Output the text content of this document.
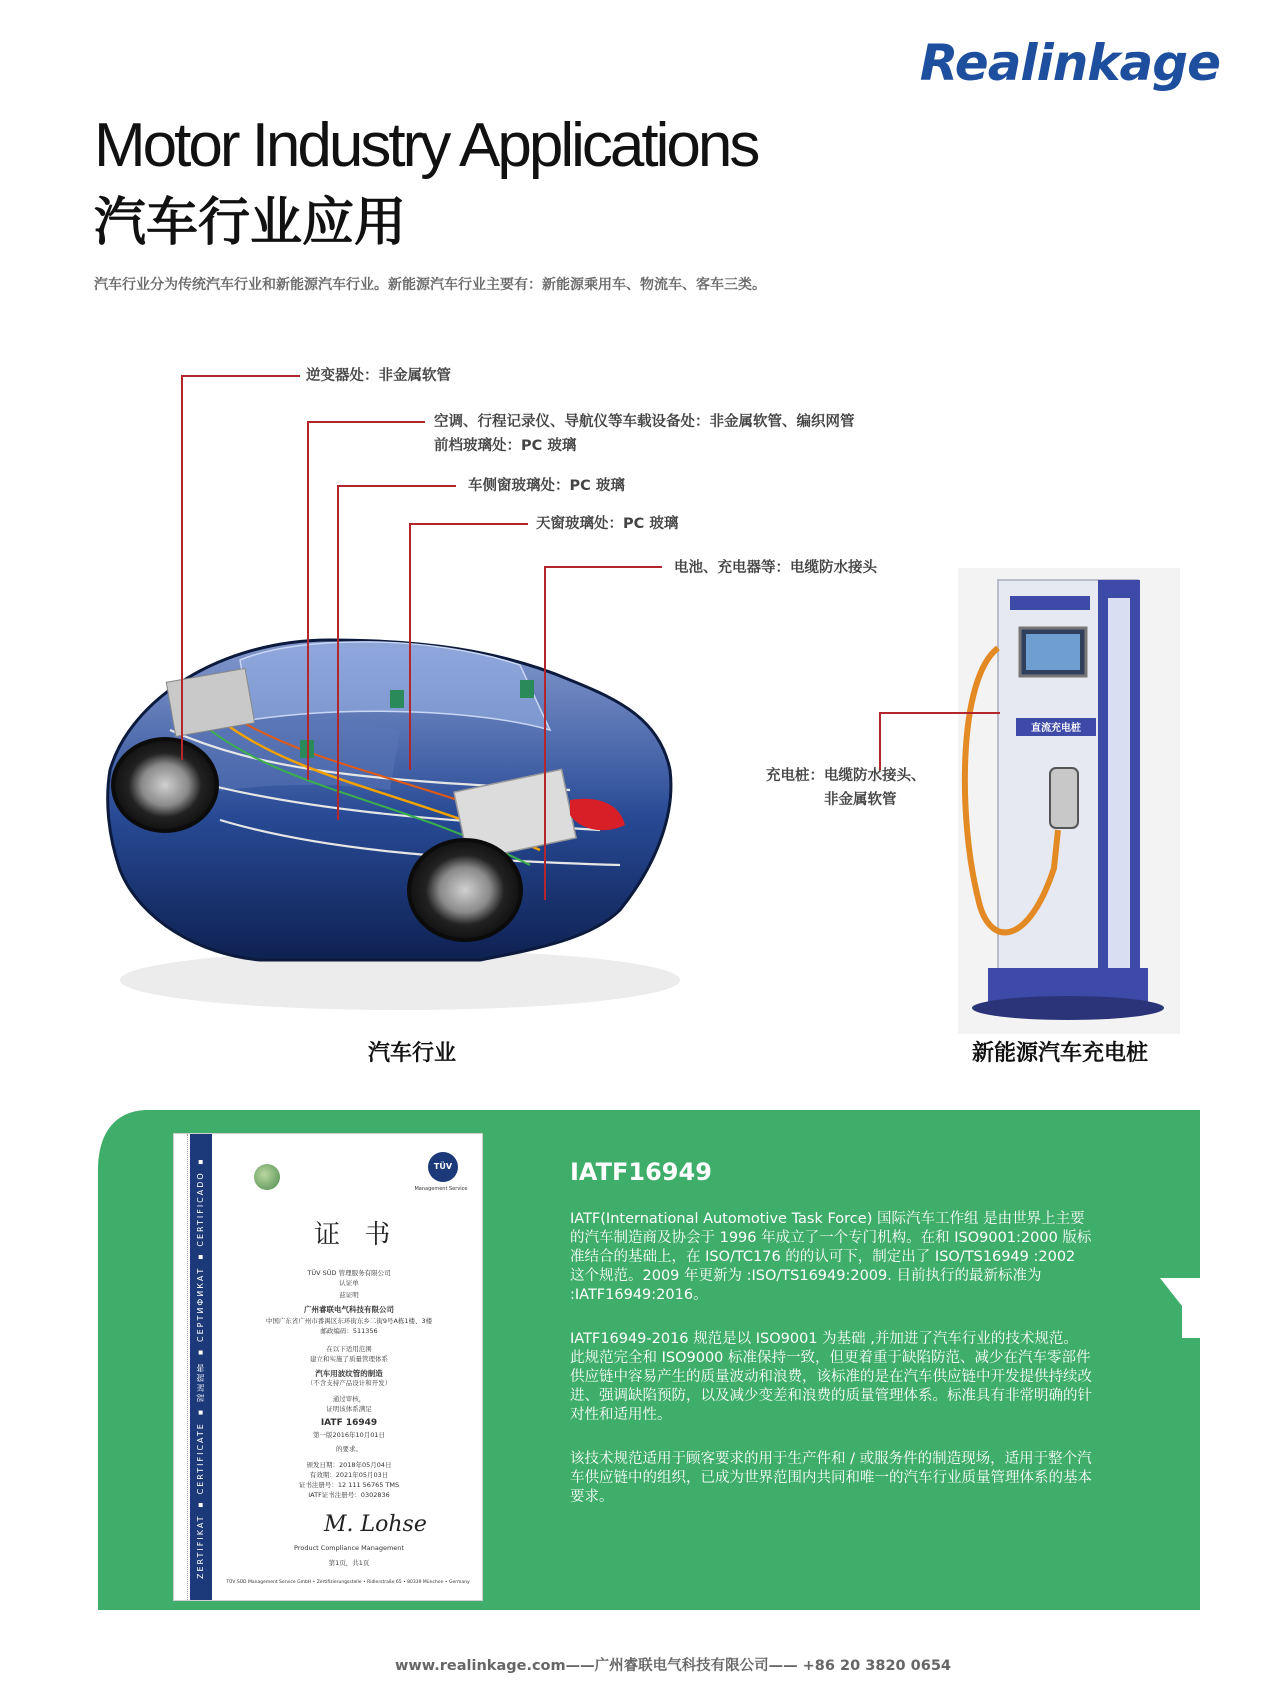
Realinkage
Motor Industry Applications
汽车行业应用
汽车行业分为传统汽车行业和新能源汽车行业。新能源汽车行业主要有：新能源乘用车、物流车、客车三类。
直流充电桩
逆变器处：非金属软管
空调、行程记录仪、导航仪等车载设备处：非金属软管、编织网管
前档玻璃处：PC 玻璃
车侧窗玻璃处：PC 玻璃
天窗玻璃处：PC 玻璃
电池、充电器等：电缆防水接头
充电桩：电缆防水接头、
非金属软管
汽车行业	新能源汽车充电桩
ZERTIFIKAT ▪ CERTIFICATE ▪ 認証證書 ▪ СЕРТИФИКАТ ▪ CERTIFICADO ▪ CERTIFICAT
TÜV
Management Service
证 书
TÜV SÜD 管理服务有限公司
认证单
兹证明
广州睿联电气科技有限公司
中国广东省广州市番禺区东环街东乡二街9号A栋1楼、3楼
邮政编码：511356
在以下适用范围
建立和实施了质量管理体系
汽车用波纹管的制造
（不含支持产品设计和开发）
通过审核，
证明该体系满足
IATF 16949
第一版2016年10月01日
的要求。
颁发日期：2018年05月04日
有效期：2021年05月03日
证书注册号：12 111 56765 TMS
IATF证书注册号：0302836
M. Lohse
Product Compliance Management
第1页，共1页
TÜV SÜD Management Service GmbH • Zertifizierungsstelle • Ridlerstraße 65 • 80339 München • Germany
IATF16949
IATF(International Automotive Task Force) 国际汽车工作组 是由世界上主要的汽车制造商及协会于 1996 年成立了一个专门机构。在和 ISO9001:2000 版标准结合的基础上，在 ISO/TC176 的的认可下，制定出了 ISO/TS16949 :2002 这个规范。2009 年更新为 :ISO/TS16949:2009. 目前执行的最新标准为 :IATF16949:2016。
IATF16949-2016 规范是以 ISO9001 为基础 ,并加进了汽车行业的技术规范。此规范完全和 ISO9000 标准保持一致，但更着重于缺陷防范、减少在汽车零部件供应链中容易产生的质量波动和浪费，该标准的是在汽车供应链中开发提供持续改进、强调缺陷预防，以及减少变差和浪费的质量管理体系。标准具有非常明确的针对性和适用性。
该技术规范适用于顾客要求的用于生产件和 / 或服务件的制造现场，适用于整个汽车供应链中的组织，已成为世界范围内共同和唯一的汽车行业质量管理体系的基本要求。
www.realinkage.com——广州睿联电气科技有限公司—— +86 20 3820 0654
